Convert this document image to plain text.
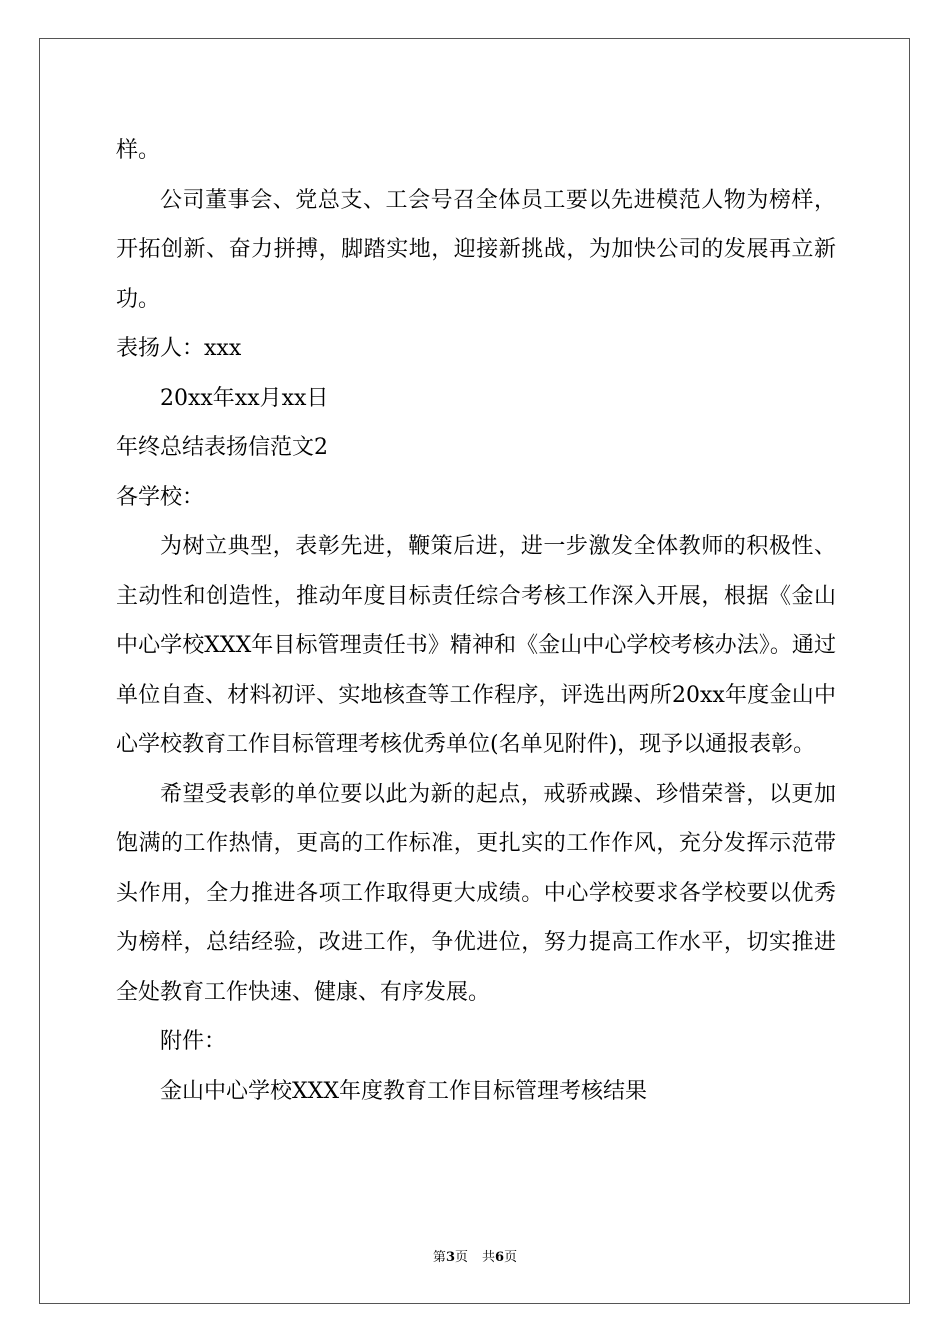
样。

公司董事会、党总支、工会号召全体员工要以先进模范人物为榜样，开拓创新、奋力拼搏，脚踏实地，迎接新挑战，为加快公司的发展再立新功。

表扬人：xxx

20xx年xx月xx日

年终总结表扬信范文2

各学校：

为树立典型，表彰先进，鞭策后进，进一步激发全体教师的积极性、主动性和创造性，推动年度目标责任综合考核工作深入开展，根据《金山中心学校XXX年目标管理责任书》精神和《金山中心学校考核办法》。通过单位自查、材料初评、实地核查等工作程序，评选出两所20xx年度金山中心学校教育工作目标管理考核优秀单位(名单见附件)，现予以通报表彰。

希望受表彰的单位要以此为新的起点，戒骄戒躁、珍惜荣誉，以更加饱满的工作热情，更高的工作标准，更扎实的工作作风，充分发挥示范带头作用，全力推进各项工作取得更大成绩。中心学校要求各学校要以优秀为榜样，总结经验，改进工作，争优进位，努力提高工作水平，切实推进全处教育工作快速、健康、有序发展。

附件：

金山中心学校XXX年度教育工作目标管理考核结果

第3页 共6页
